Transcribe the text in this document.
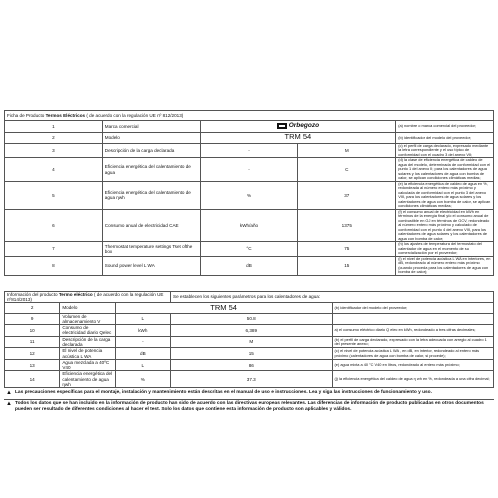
Ficha de Producto Termos Eléctricos ( de acuerdo con la regulación UE nº 812/2013)				
1	Marca comercial	Orbegozo		(a) nombre o marca comercial del proveedor;
2	Modelo	TRM 54		(b) identificador del modelo del proveedor;
3	Descripción de la carga declarada	-	M	(c) el perfil de carga declarado, expresado mediante la letra correspondiente y el uso típico de conformidad con el cuadro 3 del anexo VII;
4	Eficiencia energética del calentamiento de agua	-	C	(d) la clase de eficiencia energética de caldeo de agua del modelo, determinada de conformidad con el punto 1 del anexo II; para los calentadores de agua solares y los calentadores de agua con bomba de calor, se aplican condiciones climáticas medias;
5	Eficiencia energética del calentamiento de agua ηwh	%	37	(e) la eficiencia energética de caldeo de agua en %, redondeada al número entero más próximo y calculada de conformidad con el punto 3 del anexo VIII, para los calentadores de agua solares y los calentadores de agua con bomba de calor, se aplican condiciones climáticas medias;
6	Consumo anual de electricidad CAE	kWh/año	1375	(f) el consumo anual de electricidad en kWh en términos de la energía final y/o el consumo anual de combustible en GJ en términos de GCV, redondeado al número entero más próximo y calculado de conformidad con el punto 4 del anexo VIII, para los calentadores de agua solares y los calentadores de agua con bomba de calor;
7	Thermostat temperature settings Tset ofthe box	°C	75	(h) los ajustes de temperatura del termostato del calentador de agua en el momento de su comercialización por el proveedor;
8	Sound power level L WA	dB	15	(i) el nivel de potencia acústica L WA en interiores, en dB, redondeado al número entero más próximo (cuando proceda para los calentadores de agua con bomba de calor);
Información del producto Termo eléctrico ( de acuerdo con la regulación UE nº814/2013)			Se establecen los siguientes parámetros para los calentadores de agua:	
2	Modelo	TRM 54		(b) identificador del modelo del proveedor;
9	Volumen de almacenamiento V	L	50.8	
10	Consumo de electricidad diario Qelec	kWh	6,389	a) el consumo eléctrico diario Q elec en kWh, redondeado a tres cifras decimales;
11	Descripción de la carga declarada	-	M	(b) el perfil de carga declarado, expresado con la letra adecuada con arreglo al cuadro 1 del presente anexo;
12	El nivel de potencia acústica L WA	dB	15	(c) el nivel de potencia acústica L WA , en dB, en interior, redondeado al entero más próximo (calentadores de agua con bomba de calor, si procede);
13	Agua mezclada a 40ºC V40	L	86	(e) agua mixta a 40 °C V40 en litros, redondeado al entero más próximo;
14	Eficiencia energética del calentamiento de agua ηwh	%	37.3	(j) la eficiencia energética del caldeo de agua η wh en %, redondeada a una cifra decimal;
▲ Las precauciones específicas para el montaje, instalación y mantenimiento están descritas en el manual de uso e instrucciones. Lea y siga las instrucciones de funcionamiento y uso.
▲ Todos los datos que se han incluido en la información de producto han sido de acuerdo con las directivas europeas relevantes. Las diferencias de información de producto publicadas en otros documentos pueden ser resultado de diferentes condiciones al hacer el test. Solo los datos que contiene esta información de producto son aplicables y válidos.
